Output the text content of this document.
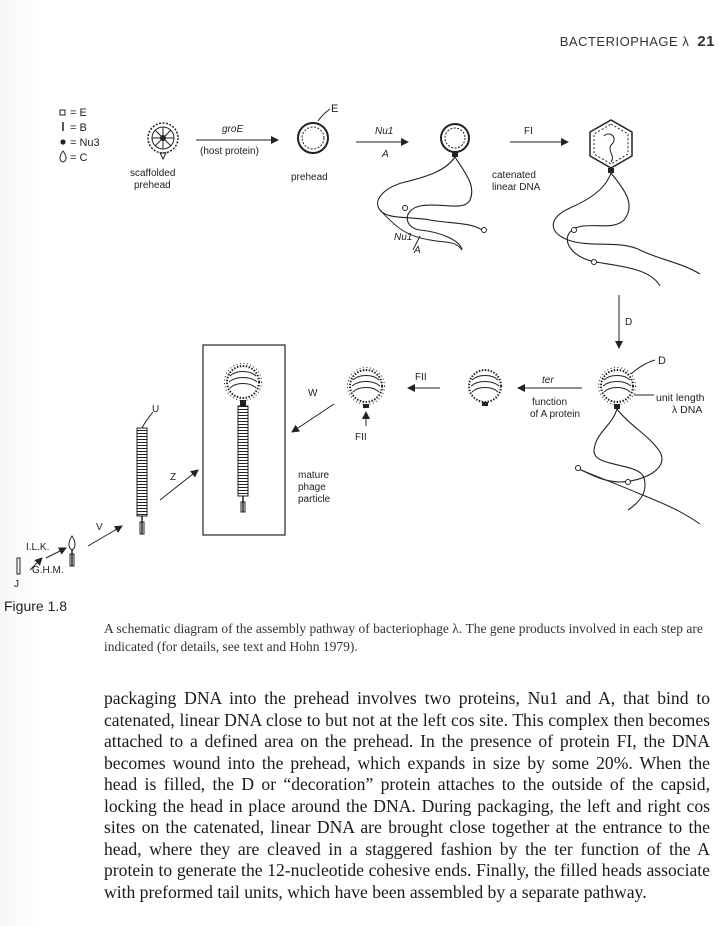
BACTERIOPHAGE λ 21
= E
= B
= Nu3
= C
scaffolded
prehead
groE
(host protein)
E
prehead
Nu1
A
Nu1
A
catenated
linear DNA
FI
D
D
unit length
λ DNA
ter
function
of A protein
FII
FII
W
mature
phage
particle
Z
U
V
I.L.K.
G.H.M.
J
Figure 1.8
A schematic diagram of the assembly pathway of bacteriophage λ. The gene products involved in each step are indicated (for details, see text and Hohn 1979).
packaging DNA into the prehead involves two proteins, Nu1 and A, that bind to catenated, linear DNA close to but not at the left cos site. This complex then becomes attached to a defined area on the prehead. In the presence of protein FI, the DNA becomes wound into the prehead, which expands in size by some 20%. When the head is filled, the D or “decoration” protein attaches to the outside of the capsid, locking the head in place around the DNA. During packaging, the left and right cos sites on the catenated, linear DNA are brought close together at the entrance to the head, where they are cleaved in a staggered fashion by the ter function of the A protein to generate the 12-nucleotide cohesive ends. Finally, the filled heads associate with preformed tail units, which have been assembled by a separate pathway.
